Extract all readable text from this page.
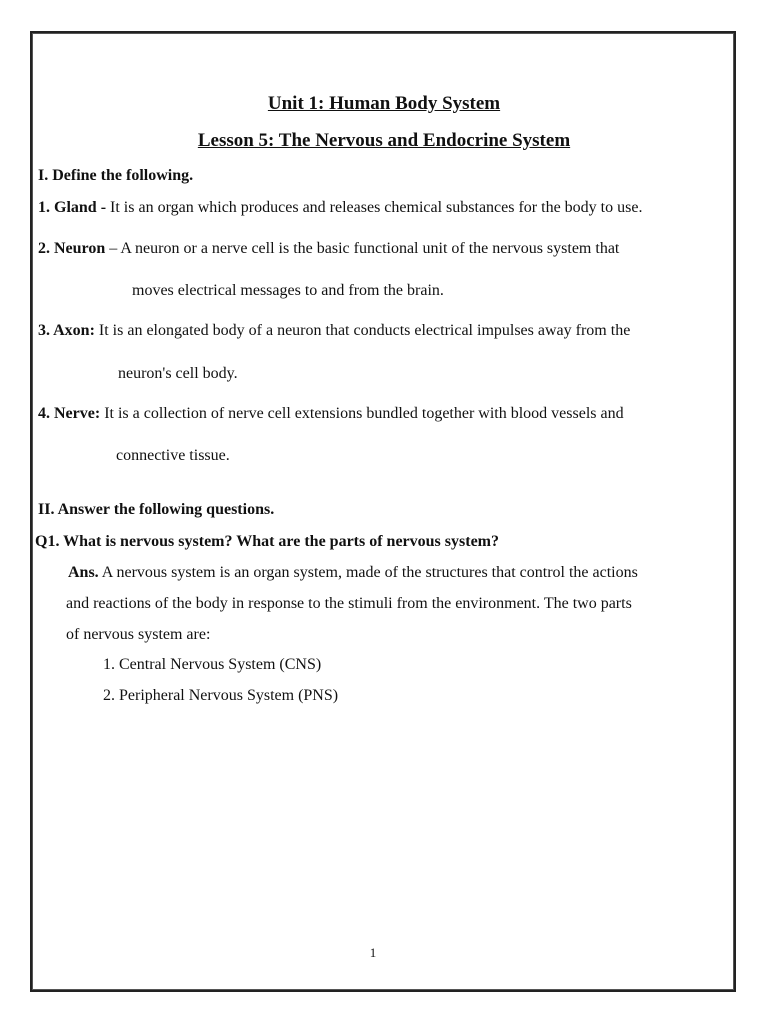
Unit 1: Human Body System
Lesson 5: The Nervous and Endocrine System
I. Define the following.
1. Gland - It is an organ which produces and releases chemical substances for the body to use.
2. Neuron – A neuron or a nerve cell is the basic functional unit of the nervous system that
moves electrical messages to and from the brain.
3. Axon: It is an elongated body of a neuron that conducts electrical impulses away from the
neuron's cell body.
4. Nerve: It is a collection of nerve cell extensions bundled together with blood vessels and
connective tissue.
II. Answer the following questions.
Q1. What is nervous system? What are the parts of nervous system?
Ans. A nervous system is an organ system, made of the structures that control the actions
and reactions of the body in response to the stimuli from the environment. The two parts
of nervous system are:
1. Central Nervous System (CNS)
2. Peripheral Nervous System (PNS)
1
